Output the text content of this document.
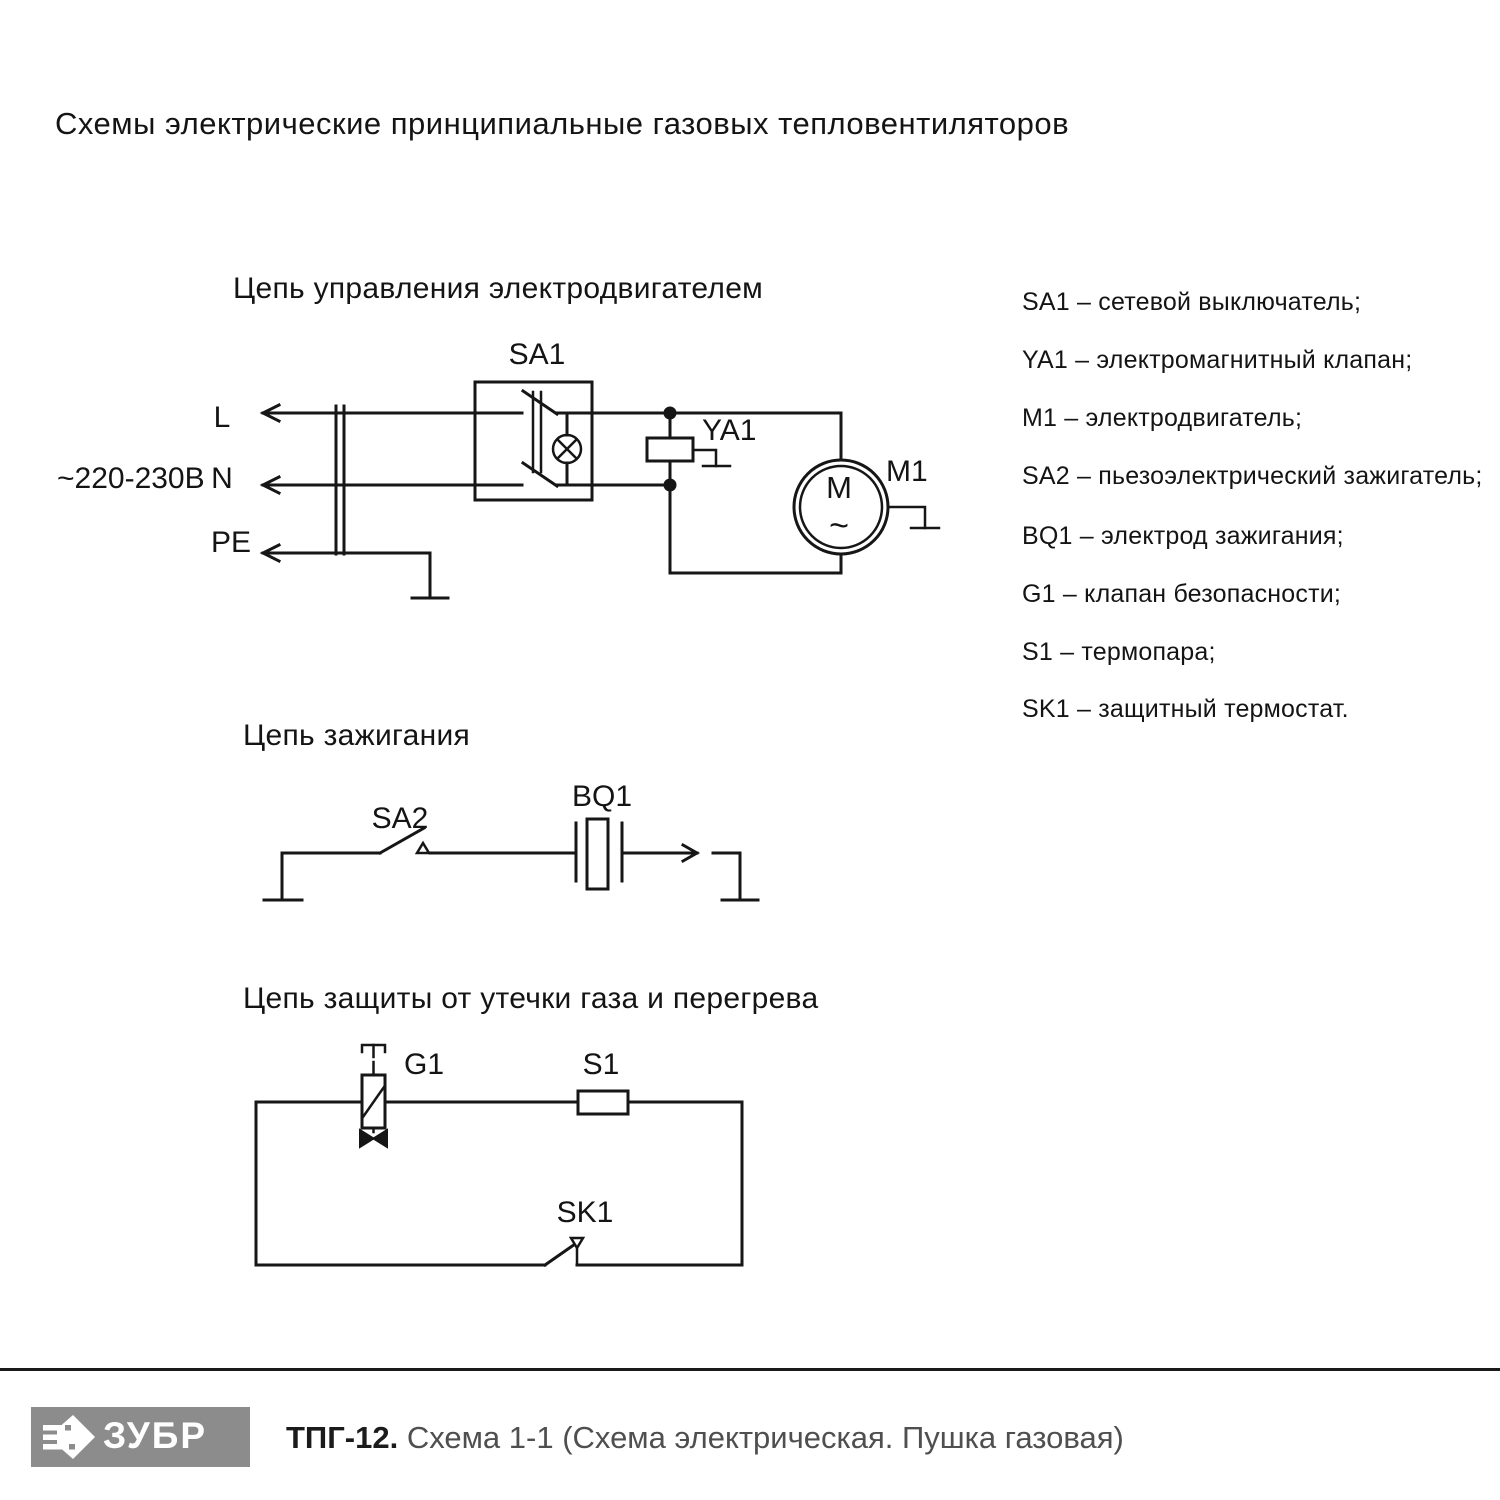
Схемы электрические принципиальные газовых тепловентиляторов
Цепь управления электродвигателем
Цепь зажигания
Цепь защиты от утечки газа и перегрева
SA1 – сетевой выключатель;
YA1 – электромагнитный клапан;
M1 – электродвигатель;
SA2 – пьезоэлектрический зажигатель;
BQ1 – электрод зажигания;
G1 – клапан безопасности;
S1 – термопара;
SK1 – защитный термостат.
~220-230В
L
N
PE
SA1
YA1
M1
M
~
SA2
BQ1
G1	S1
SK1
ЗУБР	ТПГ-12. Схема 1-1 (Схема электрическая. Пушка газовая)
